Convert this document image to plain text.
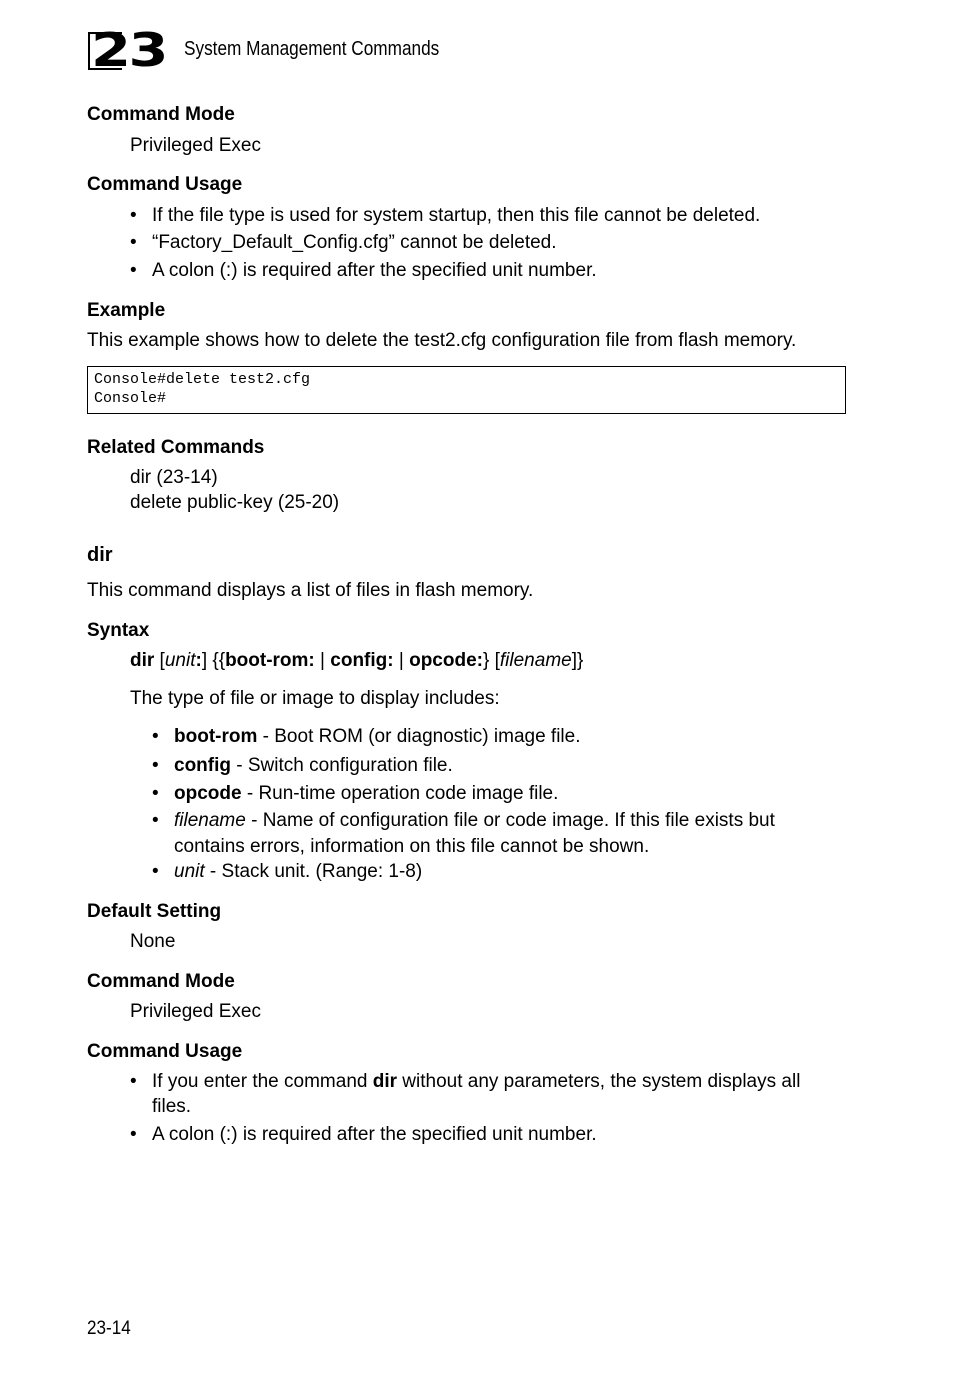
23 System Management Commands
Command Mode
Privileged Exec
Command Usage
• If the file type is used for system startup, then this file cannot be deleted.
• “Factory_Default_Config.cfg” cannot be deleted.
• A colon (:) is required after the specified unit number.
Example
This example shows how to delete the test2.cfg configuration file from flash memory.
Console#delete test2.cfg
Console#
Related Commands
dir (23-14)
delete public-key (25-20)
dir
This command displays a list of files in flash memory.
Syntax
dir [unit:] {{boot-rom: | config: | opcode:} [filename]}
The type of file or image to display includes:
• boot-rom - Boot ROM (or diagnostic) image file.
• config - Switch configuration file.
• opcode - Run-time operation code image file.
• filename - Name of configuration file or code image. If this file exists but
contains errors, information on this file cannot be shown.
• unit - Stack unit. (Range: 1-8)
Default Setting
None
Command Mode
Privileged Exec
Command Usage
• If you enter the command dir without any parameters, the system displays all
files.
• A colon (:) is required after the specified unit number.
23-14
